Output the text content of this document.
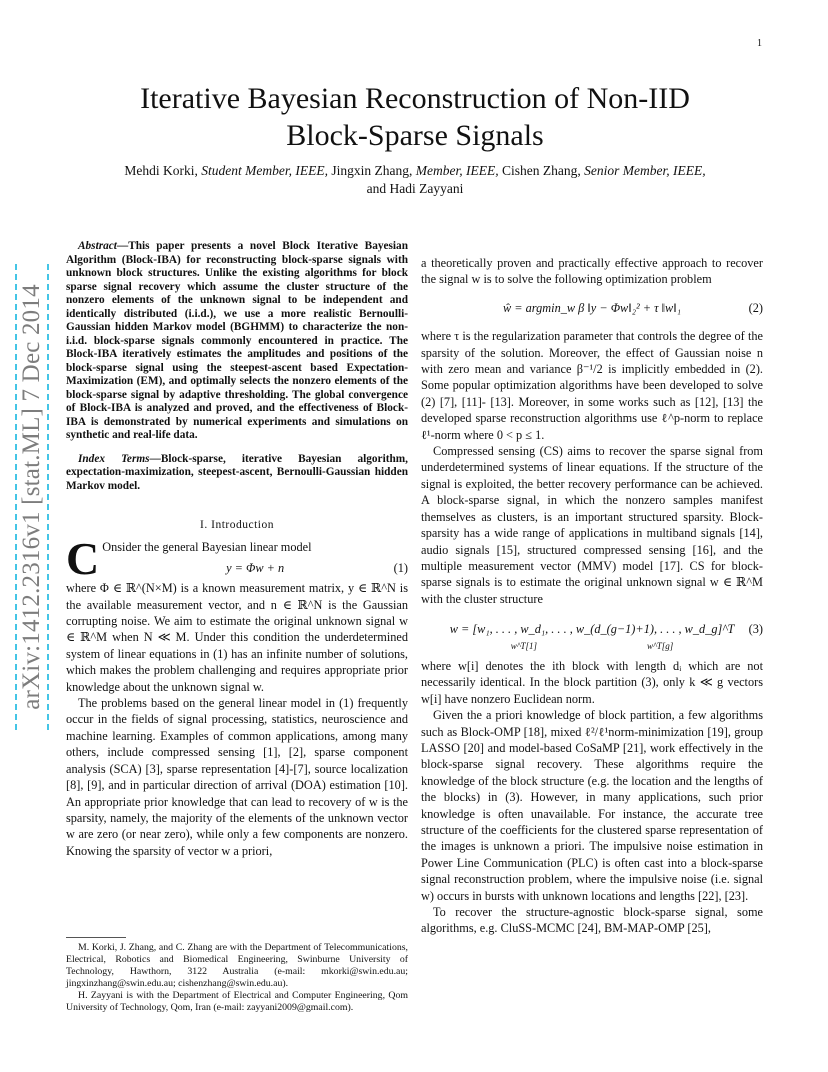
1
arXiv:1412.2316v1 [stat.ML] 7 Dec 2014
Iterative Bayesian Reconstruction of Non-IID
Block-Sparse Signals
Mehdi Korki, Student Member, IEEE, Jingxin Zhang, Member, IEEE, Cishen Zhang, Senior Member, IEEE,
and Hadi Zayyani

Abstract—This paper presents a novel Block Iterative Bayesian Algorithm (Block-IBA) for reconstructing block-sparse signals with unknown block structures. Unlike the existing algorithms for block sparse signal recovery which assume the cluster structure of the nonzero elements of the unknown signal to be independent and identically distributed (i.i.d.), we use a more realistic Bernoulli-Gaussian hidden Markov model (BGHMM) to characterize the non-i.i.d. block-sparse signals commonly encountered in practice. The Block-IBA iteratively estimates the amplitudes and positions of the block-sparse signal using the steepest-ascent based Expectation-Maximization (EM), and optimally selects the nonzero elements of the block-sparse signal by adaptive thresholding. The global convergence of Block-IBA is analyzed and proved, and the effectiveness of Block-IBA is demonstrated by numerical experiments and simulations on synthetic and real-life data.

Index Terms—Block-sparse, iterative Bayesian algorithm, expectation-maximization, steepest-ascent, Bernoulli-Gaussian hidden Markov model.

I. Introduction

C Onsider the general Bayesian linear model

y = Φw + n	(1)

where Φ ∈ ℝ^(N×M) is a known measurement matrix, y ∈ ℝ^N is the available measurement vector, and n ∈ ℝ^N is the Gaussian corrupting noise. We aim to estimate the original unknown signal w ∈ ℝ^M when N ≪ M. Under this condition the underdetermined system of linear equations in (1) has an infinite number of solutions, which makes the problem challenging and requires appropriate prior knowledge about the unknown signal w.

The problems based on the general linear model in (1) frequently occur in the fields of signal processing, statistics, neuroscience and machine learning. Examples of common applications, among many others, include compressed sensing [1], [2], sparse component analysis (SCA) [3], sparse representation [4]-[7], source localization [8], [9], and in particular direction of arrival (DOA) estimation [10]. An appropriate prior knowledge that can lead to recovery of w is the sparsity, namely, the majority of the elements of the unknown vector w are zero (or near zero), while only a few components are nonzero. Knowing the sparsity of vector w a priori,

M. Korki, J. Zhang, and C. Zhang are with the Department of Telecommunications, Electrical, Robotics and Biomedical Engineering, Swinburne University of Technology, Hawthorn, 3122 Australia (e-mail: mkorki@swin.edu.au; jingxinzhang@swin.edu.au; cishenzhang@swin.edu.au).

H. Zayyani is with the Department of Electrical and Computer Engineering, Qom University of Technology, Qom, Iran (e-mail: zayyani2009@gmail.com).

a theoretically proven and practically effective approach to recover the signal w is to solve the following optimization problem

ŵ = argmin_w β ‖y − Φw‖₂² + τ ‖w‖₁	(2)

where τ is the regularization parameter that controls the degree of the sparsity of the solution. Moreover, the effect of Gaussian noise n with zero mean and variance β⁻¹/2 is implicitly embedded in (2). Some popular optimization algorithms have been developed to solve (2) [7], [11]- [13]. Moreover, in some works such as [12], [13] the developed sparse reconstruction algorithms use ℓ^p-norm to replace ℓ¹-norm where 0 < p ≤ 1.

Compressed sensing (CS) aims to recover the sparse signal from underdetermined systems of linear equations. If the structure of the signal is exploited, the better recovery performance can be achieved. A block-sparse signal, in which the nonzero samples manifest themselves as clusters, is an important structured sparsity. Block-sparsity has a wide range of applications in multiband signals [14], audio signals [15], structured compressed sensing [16], and the multiple measurement vector (MMV) model [17]. CS for block-sparse signals is to estimate the original unknown signal w ∈ ℝ^M with the cluster structure

w = [w₁, . . . , w_d₁, . . . , w_(d_(g−1)+1), . . . , w_d_g]^T
w^T[1]	w^T[g]
(3)

where w[i] denotes the ith block with length dᵢ which are not necessarily identical. In the block partition (3), only k ≪ g vectors w[i] have nonzero Euclidean norm.

Given the a priori knowledge of block partition, a few algorithms such as Block-OMP [18], mixed ℓ²/ℓ¹norm-minimization [19], group LASSO [20] and model-based CoSaMP [21], work effectively in the block-sparse signal recovery. These algorithms require the knowledge of the block structure (e.g. the location and the lengths of the blocks) in (3). However, in many applications, such prior knowledge is often unavailable. For instance, the accurate tree structure of the coefficients for the clustered sparse representation of the images is unknown a priori. The impulsive noise estimation in Power Line Communication (PLC) is often cast into a block-sparse signal reconstruction problem, where the impulsive noise (i.e. signal w) occurs in bursts with unknown locations and lengths [22], [23].

To recover the structure-agnostic block-sparse signal, some algorithms, e.g. CluSS-MCMC [24], BM-MAP-OMP [25],
